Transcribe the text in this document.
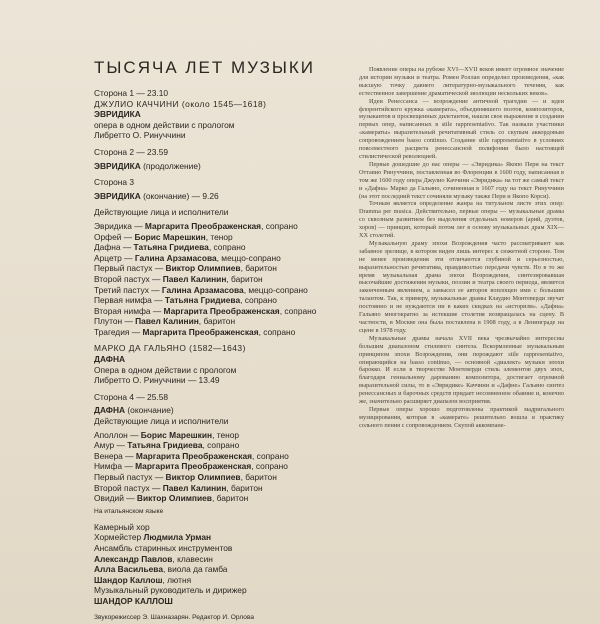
ТЫСЯЧА ЛЕТ МУЗЫКИ
Сторона 1 — 23.10
ДЖУЛИО КАЧЧИНИ (около 1545—1618)
ЭВРИДИКА
опера в одном действии с прологом
Либретто О. Ринуччини
Сторона 2 — 23.59
ЭВРИДИКА (продолжение)
Сторона 3
ЭВРИДИКА (окончание) — 9.26
Действующие лица и исполнители
Эвридика — Маргарита Преображенская, сопрано
Орфей — Борис Марешкин, тенор
Дафна — Татьяна Гридиева, сопрано
Арцетр — Галина Арзамасова, меццо-сопрано
Первый пастух — Виктор Олимпиев, баритон
Второй пастух — Павел Калинин, баритон
Третий пастух — Галина Арзамасова, меццо-сопрано
Первая нимфа — Татьяна Гридиева, сопрано
Вторая нимфа — Маргарита Преображенская, сопрано
Плутон — Павел Калинин, баритон
Трагедия — Маргарита Преображенская, сопрано
МАРКО ДА ГАЛЬЯНО (1582—1643)
ДАФНА
Опера в одном действии с прологом
Либретто О. Ринуччини — 13.49
Сторона 4 — 25.58
ДАФНА (окончание)
Действующие лица и исполнители
Аполлон — Борис Марешкин, тенор
Амур — Татьяна Гридиева, сопрано
Венера — Маргарита Преображенская, сопрано
Нимфа — Маргарита Преображенская, сопрано
Первый пастух — Виктор Олимпиев, баритон
Второй пастух — Павел Калинин, баритон
Овидий — Виктор Олимпиев, баритон
На итальянском языке
Камерный хор
Хормейстер Людмила Урман
Ансамбль старинных инструментов
Александр Павлов, клавесин
Алла Васильева, виола да гамба
Шандор Каллош, лютня
Музыкальный руководитель и дирижер
ШАНДОР КАЛЛОШ
Звукорежиссер Э. Шахназарян. Редактор И. Орлова

Появление оперы на рубеже XVI—XVII веков имеет огромное значение для истории музыки и театра. Ромен Роллан определил произведения, «как высшую точку давнего литературно-музыкального течения, как естественное завершение драматической эволюции нескольких веков».

Идеи Ренессанса — возрождение античной трагедии — и идеи флорентийского кружка «камерата», объединявшего поэтов, композиторов, музыкантов и просвещенных дилетантов, нашли свое выражение в создании первых опер, написанных в stile rappresentativo. Так назвали участники «камераты» выразительный речитативный стиль со скупым аккордовым сопровождением basso continuo. Создание stile rappresentativo в условиях повсеместного расцвета ренессансной полифонии было настоящей стилистической революцией.

Первые дошедшие до нас оперы — «Эвридика» Якопо Пери на текст Оттавио Ринуччини, поставленная во Флоренции в 1600 году, написанная в том же 1600 году опера Джулио Каччини «Эвридика» на тот же самый текст и «Дафна» Марко да Гальяно, сочиненная в 1607 году на текст Ринуччини (на этот последний текст сочиняли музыку также Пери и Якопо Корси).

Точным является определение жанра на титульном листе этих опер: Dramma per musica. Действительно, первые оперы — музыкальные драмы со сквозным развитием без выделения отдельных номеров (арий, дуэтов, хоров) — принцип, который потом лег в основу музыкальных драм XIX—XX столетий.

Музыкальную драму эпохи Возрождения часто рассматривают как забавное зрелище, в котором виден лишь интерес к сюжетной стороне. Тем не менее произведения эти отличаются глубиной и серьезностью, выразительностью речитатива, правдивостью передачи чувств. Но в то же время музыкальная драма эпохи Возрождения, синтезировавшая высочайшие достижения музыки, поэзии и театра своего периода, является законченным явлением, а замысел ее авторов воплощен ими с большим талантом. Так, к примеру, музыкальные драмы Клаудио Монтеверди звучат постоянно и не нуждаются ни в каких скидках на «историзм». «Дафна» Гальяно многократно за истекшие столетия возвращалась на сцену. В частности, в Москве она была поставлена в 1908 году, а в Ленинграде на сцене в 1978 году.

Музыкальные драмы начала XVII века чрезвычайно интересны большим диапазоном стилевого синтеза. Вскормленные музыкальным принципом эпохи Возрождения, они порождают stile rappresentativo, опирающийся на basso continuo, — основной «диалект» музыки эпохи барокко. И если в творчестве Монтеверди стиль элементов двух эпох, благодаря гениальному дарованию композитора, достигает огромной выразительной силы, то в «Эвридике» Каччини и «Дафне» Гальяно синтез ренессансных и барочных средств придает несомненное обаяние и, конечно же, значительно расширяет диапазон восприятия.

Первые оперы хорошо подготовлены практикой мадригального музицирования, которая в «камерате» решительно вошла в практику сольного пения с сопровождением. Скупой аккомпане-
